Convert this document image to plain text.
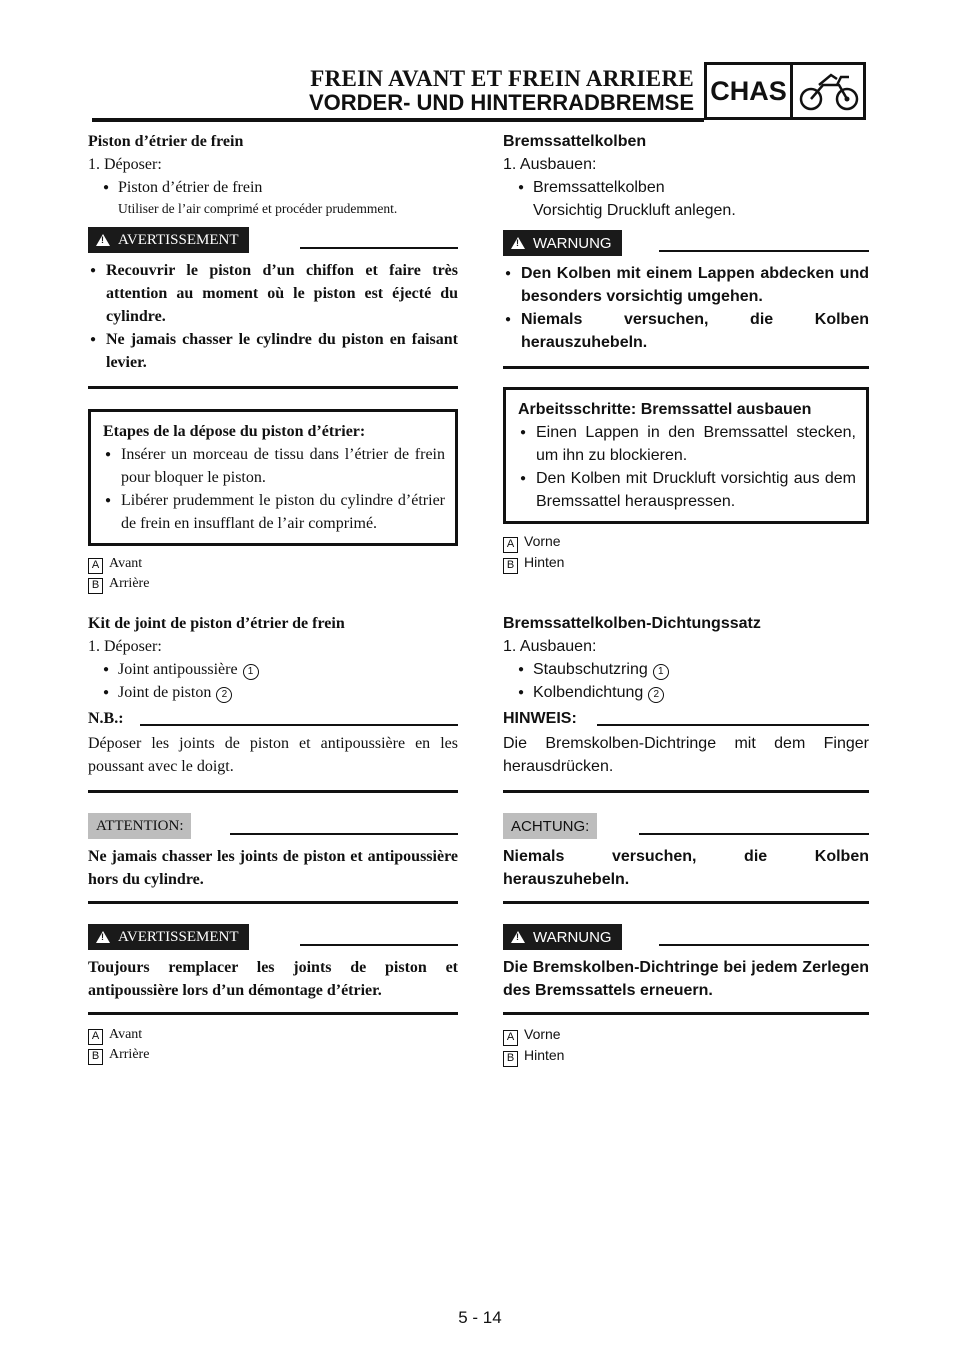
FREIN AVANT ET FREIN ARRIERE
VORDER- UND HINTERRADBREMSE CHAS
Piston d’étrier de frein
1. Déposer:
● Piston d’étrier de frein
Utiliser de l’air comprimé et procéder prudemment.
!
AVERTISSEMENT
● Recouvrir le piston d’un chiffon et faire très attention au moment où le piston est éjecté du cylindre.
● Ne jamais chasser le cylindre du piston en faisant levier.
Etapes de la dépose du piston d’étrier:
● Insérer un morceau de tissu dans l’étrier de frein pour bloquer le piston.
● Libérer prudemment le piston du cylindre d’étrier de frein en insufflant de l’air comprimé.
A Avant
B Arrière
Kit de joint de piston d’étrier de frein
1. Déposer:
● Joint antipoussière 1
● Joint de piston 2
N.B.:
Déposer les joints de piston et antipoussière en les poussant avec le doigt.
ATTENTION:
Ne jamais chasser les joints de piston et antipoussière hors du cylindre.
!
AVERTISSEMENT
Toujours remplacer les joints de piston et antipoussière lors d’un démontage d’étrier.
A Avant
B Arrière
Bremssattelkolben
1. Ausbauen:
● Bremssattelkolben
Vorsichtig Druckluft anlegen.
!
WARNUNG
● Den Kolben mit einem Lappen abdecken und besonders vorsichtig umgehen.
● Niemals versuchen, die Kolben herauszuhebeln.
Arbeitsschritte: Bremssattel ausbauen
● Einen Lappen in den Bremssattel stecken, um ihn zu blockieren.
● Den Kolben mit Druckluft vorsichtig aus dem Bremssattel herauspressen.
A Vorne
B Hinten
Bremssattelkolben-Dichtungssatz
1. Ausbauen:
● Staubschutzring 1
● Kolbendichtung 2
HINWEIS:
Die Bremskolben-Dichtringe mit dem Finger herausdrücken.
ACHTUNG:
Niemals versuchen, die Kolben herauszuhebeln.
!
WARNUNG
Die Bremskolben-Dichtringe bei jedem Zerlegen des Bremssattels erneuern.
A Vorne
B Hinten
5 - 14
